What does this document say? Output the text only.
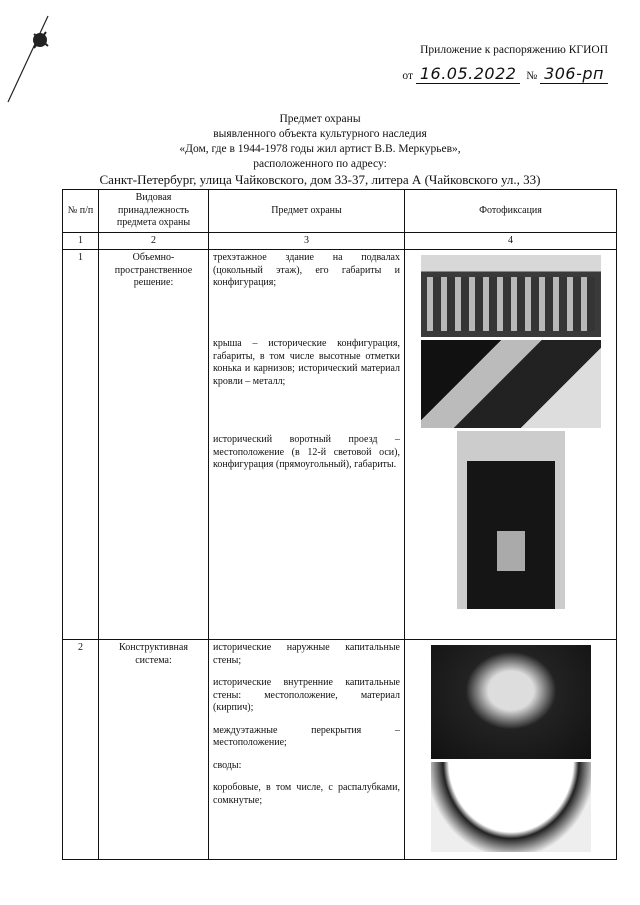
Приложение к распоряжению КГИОП
от 16.05.2022 № 306-рп
Предмет охраны
выявленного объекта культурного наследия
«Дом, где в 1944-1978 годы жил артист В.В. Меркурьев»,
расположенного по адресу:
Санкт-Петербург, улица Чайковского, дом 33-37, литера А (Чайковского ул., 33)
№ п/п	Видовая принадлежность предмета охраны	Предмет охраны	Фотофиксация
1	2	3	4
1	Объемно-пространственное решение:	трехэтажное здание на подвалах (цокольный этаж), его габариты и конфигурация;
крыша – исторические конфигурация, габариты, в том числе высотные отметки конька и карнизов; исторический материал кровли – металл;
исторический воротный проезд – местоположение (в 12-й световой оси), конфигурация (прямоугольный), габариты.	

2	Конструктивная система:	исторические наружные капитальные стены;
исторические внутренние капитальные стены: местоположение, материал (кирпич);
междуэтажные перекрытия – местоположение;
своды:
коробовые, в том числе, с распалубками, сомкнутые;	
